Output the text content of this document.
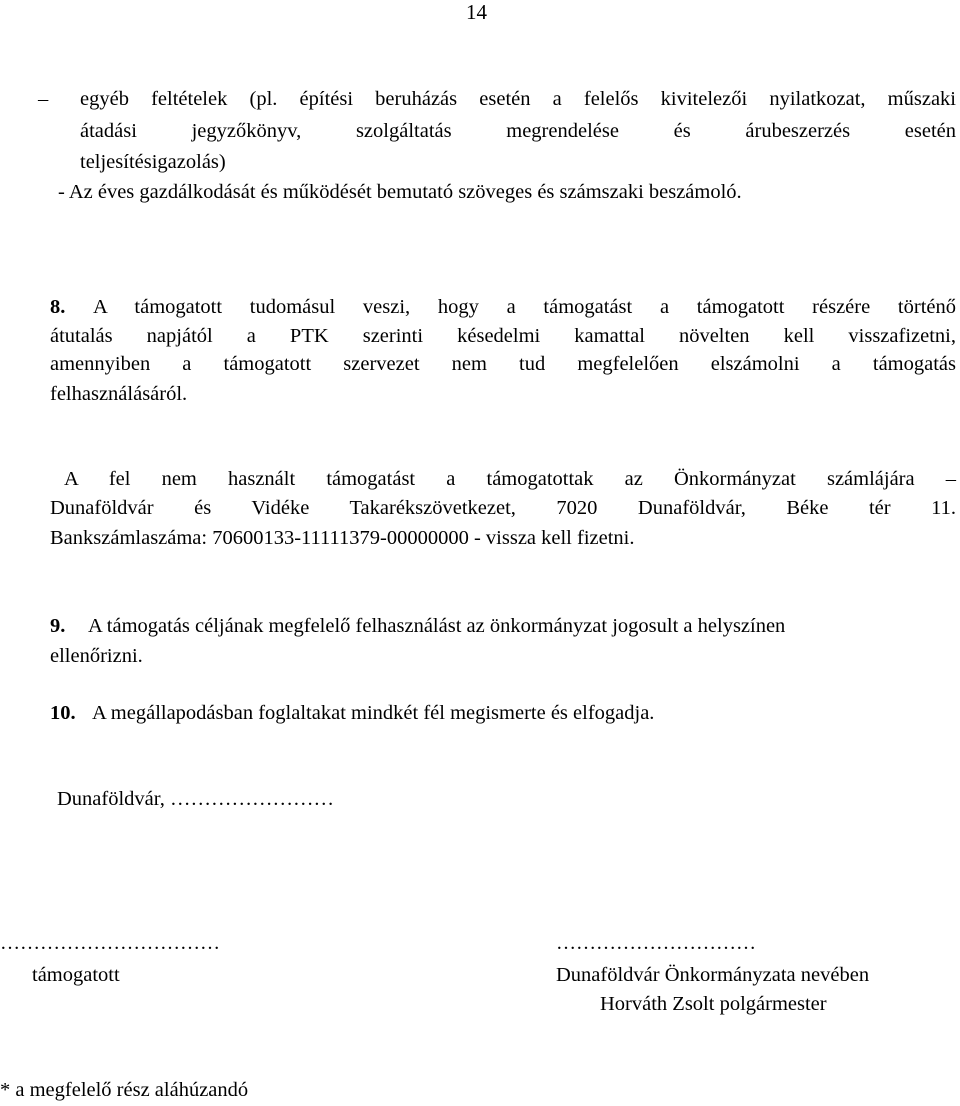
14
– egyéb feltételek (pl. építési beruházás esetén a felelős kivitelezői nyilatkozat, műszaki
átadási jegyzőkönyv, szolgáltatás megrendelése és árubeszerzés esetén
teljesítésigazolás)
- Az éves gazdálkodását és működését bemutató szöveges és számszaki beszámoló.
8. A támogatott tudomásul veszi, hogy a támogatást a támogatott részére történő
átutalás napjától a PTK szerinti késedelmi kamattal növelten kell visszafizetni,
amennyiben a támogatott szervezet nem tud megfelelően elszámolni a támogatás
felhasználásáról.
A fel nem használt támogatást a támogatottak az Önkormányzat számlájára –
Dunaföldvár és Vidéke Takarékszövetkezet, 7020 Dunaföldvár, Béke tér 11.
Bankszámlaszáma: 70600133-11111379-00000000 - vissza kell fizetni.
9. A támogatás céljának megfelelő felhasználást az önkormányzat jogosult a helyszínen
ellenőrizni.
10. A megállapodásban foglaltakat mindkét fél megismerte és elfogadja.
Dunaföldvár, ……………………
……………………………
támogatott
…………………………
Dunaföldvár Önkormányzata nevében
Horváth Zsolt polgármester
* a megfelelő rész aláhúzandó
